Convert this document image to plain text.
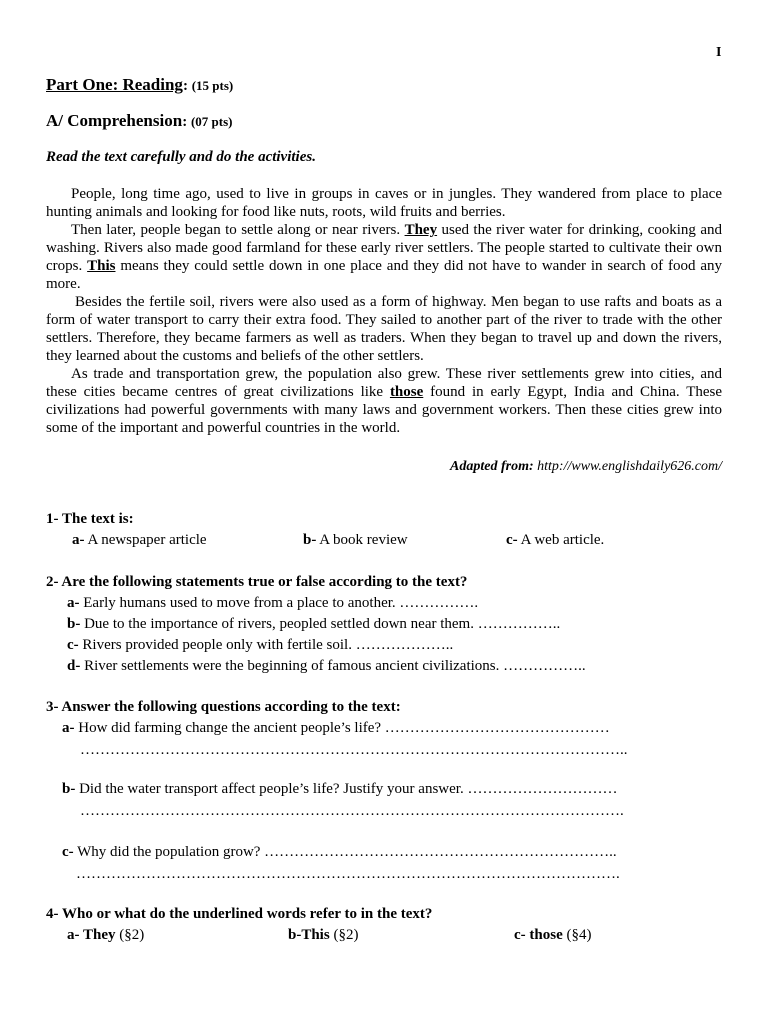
I
Part One: Reading: (15 pts)
A/ Comprehension: (07 pts)
Read the text carefully and do the activities.

People, long time ago, used to live in groups in caves or in jungles. They wandered from place to place hunting animals and looking for food like nuts, roots, wild fruits and berries.

Then later, people began to settle along or near rivers. They used the river water for drinking, cooking and washing. Rivers also made good farmland for these early river settlers. The people started to cultivate their own crops. This means they could settle down in one place and they did not have to wander in search of food any more.

Besides the fertile soil, rivers were also used as a form of highway. Men began to use rafts and boats as a form of water transport to carry their extra food. They sailed to another part of the river to trade with the other settlers. Therefore, they became farmers as well as traders. When they began to travel up and down the rivers, they learned about the customs and beliefs of the other settlers.

As trade and transportation grew, the population also grew. These river settlements grew into cities, and these cities became centres of great civilizations like those found in early Egypt, India and China. These civilizations had powerful governments with many laws and government workers. Then these cities grew into some of the important and powerful countries in the world.

Adapted from: http://www.englishdaily626.com/
1- The text is:
a- A newspaper article	b- A book review	c- A web article.
2- Are the following statements true or false according to the text?
a- Early humans used to move from a place to another. …………….
b- Due to the importance of rivers, peopled settled down near them. ……………..
c- Rivers provided people only with fertile soil. ………………..
d- River settlements were the beginning of famous ancient civilizations. ……………..
3- Answer the following questions according to the text:
a- How did farming change the ancient people’s life? ………………………………………
………………………………………………………………………………………………..
b- Did the water transport affect people’s life? Justify your answer. …………………………
……………………………………………………………………………………………….
c- Why did the population grow? ……………………………………………………………..
……………………………………………………………………………………………….
4- Who or what do the underlined words refer to in the text?
a- They (§2)	b-This (§2)	c- those (§4)
